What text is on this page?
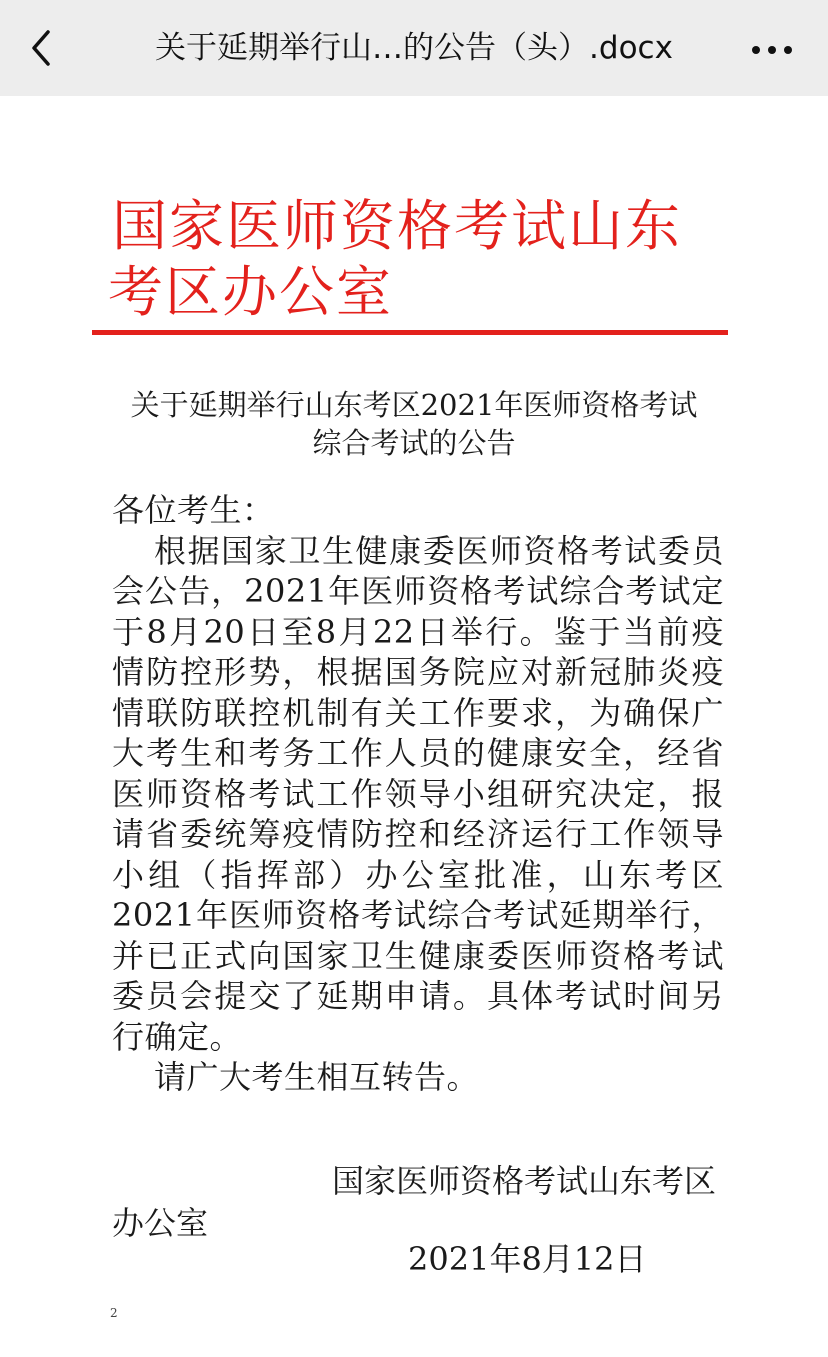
关于延期举行山…的公告（头）.docx
国家医师资格考试山东
考区办公室
关于延期举行山东考区2021年医师资格考试
综合考试的公告

各位考生：

根据国家卫生健康委医师资格考试委员会公告，2021年医师资格考试综合考试定于8月20日至8月22日举行。鉴于当前疫情防控形势，根据国务院应对新冠肺炎疫情联防联控机制有关工作要求，为确保广大考生和考务工作人员的健康安全，经省医师资格考试工作领导小组研究决定，报请省委统筹疫情防控和经济运行工作领导小组（指挥部）办公室批准，山东考区2021年医师资格考试综合考试延期举行，并已正式向国家卫生健康委医师资格考试委员会提交了延期申请。具体考试时间另行确定。

请广大考生相互转告。

国家医师资格考试山东考区办公室
2021年8月12日
2
